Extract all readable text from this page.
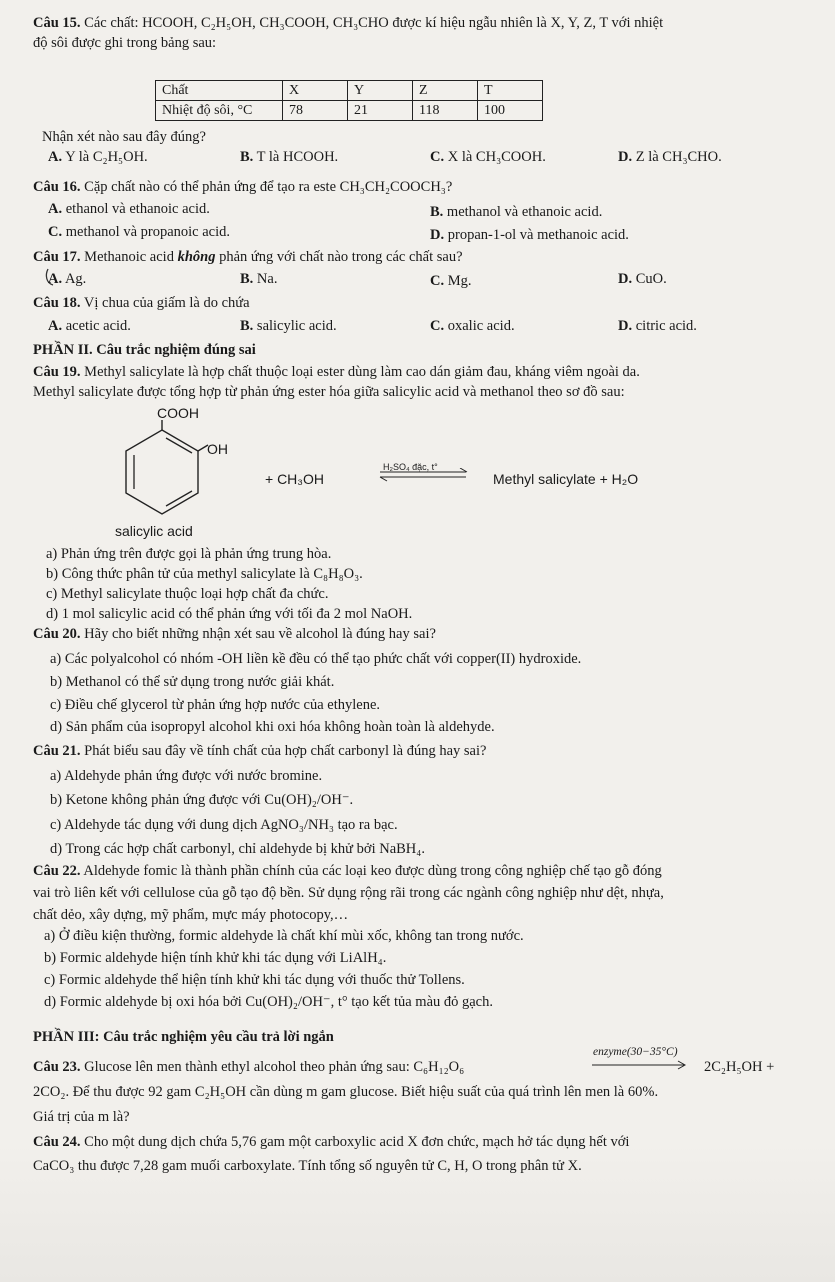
Câu 15. Các chất: HCOOH, C₂H₅OH, CH₃COOH, CH₃CHO được kí hiệu ngẫu nhiên là X, Y, Z, T với nhiệt
độ sôi được ghi trong bảng sau:
Chất	X	Y	Z	T
Nhiệt độ sôi, °C	78	21	118	100
Nhận xét nào sau đây đúng?
A. Y là C₂H₅OH.	B. T là HCOOH.	C. X là CH₃COOH.	D. Z là CH₃CHO.
Câu 16. Cặp chất nào có thể phản ứng để tạo ra este CH₃CH₂COOCH₃?
A. ethanol và ethanoic acid.	B. methanol và ethanoic acid.
C. methanol và propanoic acid.	D. propan-1-ol và methanoic acid.
Câu 17. Methanoic acid không phản ứng với chất nào trong các chất sau?
A. Ag.	B. Na.	C. Mg.	D. CuO.
Câu 18. Vị chua của giấm là do chứa
A. acetic acid.	B. salicylic acid.	C. oxalic acid.	D. citric acid.
PHẦN II. Câu trắc nghiệm đúng sai
Câu 19. Methyl salicylate là hợp chất thuộc loại ester dùng làm cao dán giảm đau, kháng viêm ngoài da.
Methyl salicylate được tổng hợp từ phản ứng ester hóa giữa salicylic acid và methanol theo sơ đồ sau:
COOH
OH
+ CH₃OH
H₂SO₄ đặc, t°
Methyl salicylate + H₂O
salicylic acid
a) Phản ứng trên được gọi là phản ứng trung hòa.
b) Công thức phân tử của methyl salicylate là C₈H₈O₃.
c) Methyl salicylate thuộc loại hợp chất đa chức.
d) 1 mol salicylic acid có thể phản ứng với tối đa 2 mol NaOH.
Câu 20. Hãy cho biết những nhận xét sau về alcohol là đúng hay sai?
a) Các polyalcohol có nhóm -OH liền kề đều có thể tạo phức chất với copper(II) hydroxide.
b) Methanol có thể sử dụng trong nước giải khát.
c) Điều chế glycerol từ phản ứng hợp nước của ethylene.
d) Sản phẩm của isopropyl alcohol khi oxi hóa không hoàn toàn là aldehyde.
Câu 21. Phát biểu sau đây về tính chất của hợp chất carbonyl là đúng hay sai?
a) Aldehyde phản ứng được với nước bromine.
b) Ketone không phản ứng được với Cu(OH)₂/OH⁻.
c) Aldehyde tác dụng với dung dịch AgNO₃/NH₃ tạo ra bạc.
d) Trong các hợp chất carbonyl, chỉ aldehyde bị khử bởi NaBH₄.
Câu 22. Aldehyde fomic là thành phần chính của các loại keo được dùng trong công nghiệp chế tạo gỗ đóng
vai trò liên kết với cellulose của gỗ tạo độ bền. Sử dụng rộng rãi trong các ngành công nghiệp như dệt, nhựa,
chất dẻo, xây dựng, mỹ phẩm, mực máy photocopy,…
a) Ở điều kiện thường, formic aldehyde là chất khí mùi xốc, không tan trong nước.
b) Formic aldehyde hiện tính khử khi tác dụng với LiAlH₄.
c) Formic aldehyde thể hiện tính khử khi tác dụng với thuốc thử Tollens.
d) Formic aldehyde bị oxi hóa bởi Cu(OH)₂/OH⁻, t° tạo kết tủa màu đỏ gạch.
PHẦN III: Câu trắc nghiệm yêu cầu trả lời ngắn
Câu 23. Glucose lên men thành ethyl alcohol theo phản ứng sau: C₆H₁₂O₆
enzyme(30−35°C)
2C₂H₅OH +
2CO₂. Để thu được 92 gam C₂H₅OH cần dùng m gam glucose. Biết hiệu suất của quá trình lên men là 60%.
Giá trị của m là?
Câu 24. Cho một dung dịch chứa 5,76 gam một carboxylic acid X đơn chức, mạch hở tác dụng hết với
CaCO₃ thu được 7,28 gam muối carboxylate. Tính tổng số nguyên tử C, H, O trong phân tử X.
